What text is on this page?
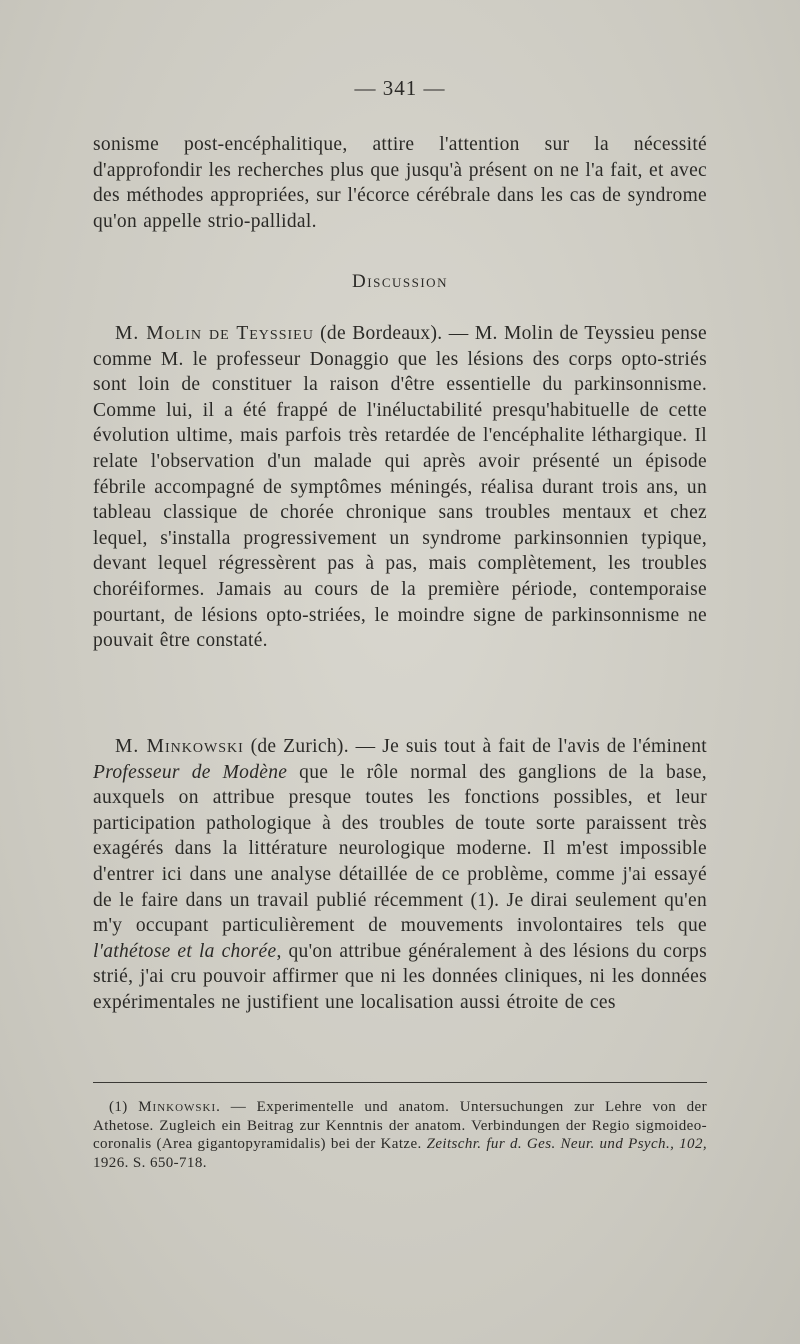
— 341 —

sonisme post-encéphalitique, attire l'attention sur la nécessité d'approfondir les recherches plus que jusqu'à présent on ne l'a fait, et avec des méthodes appropriées, sur l'écorce cérébrale dans les cas de syndrome qu'on appelle strio-pallidal.

Discussion

M. Molin de Teyssieu (de Bordeaux). — M. Molin de Teyssieu pense comme M. le professeur Donaggio que les lésions des corps opto-striés sont loin de constituer la raison d'être essentielle du parkinsonnisme. Comme lui, il a été frappé de l'inéluctabilité presqu'habituelle de cette évolution ultime, mais parfois très retardée de l'encéphalite léthargique. Il relate l'observation d'un malade qui après avoir présenté un épisode fébrile accompagné de symptômes méningés, réalisa durant trois ans, un tableau classique de chorée chronique sans troubles mentaux et chez lequel, s'installa progressivement un syndrome parkinsonnien typique, devant lequel régressèrent pas à pas, mais complètement, les troubles choréiformes. Jamais au cours de la première période, contemporaise pourtant, de lésions opto-striées, le moindre signe de parkinsonnisme ne pouvait être constaté.

M. Minkowski (de Zurich). — Je suis tout à fait de l'avis de l'éminent Professeur de Modène que le rôle normal des ganglions de la base, auxquels on attribue presque toutes les fonctions possibles, et leur participation pathologique à des troubles de toute sorte paraissent très exagérés dans la littérature neurologique moderne. Il m'est impossible d'entrer ici dans une analyse détaillée de ce problème, comme j'ai essayé de le faire dans un travail publié récemment (1). Je dirai seulement qu'en m'y occupant particulièrement de mouvements involontaires tels que l'athétose et la chorée, qu'on attribue généralement à des lésions du corps strié, j'ai cru pouvoir affirmer que ni les données cliniques, ni les données expérimentales ne justifient une localisation aussi étroite de ces

(1) Minkowski. — Experimentelle und anatom. Untersuchungen zur Lehre von der Athetose. Zugleich ein Beitrag zur Kenntnis der anatom. Verbindungen der Regio sigmoideo-coronalis (Area gigantopyramidalis) bei der Katze. Zeitschr. fur d. Ges. Neur. und Psych., 102, 1926. S. 650-718.
